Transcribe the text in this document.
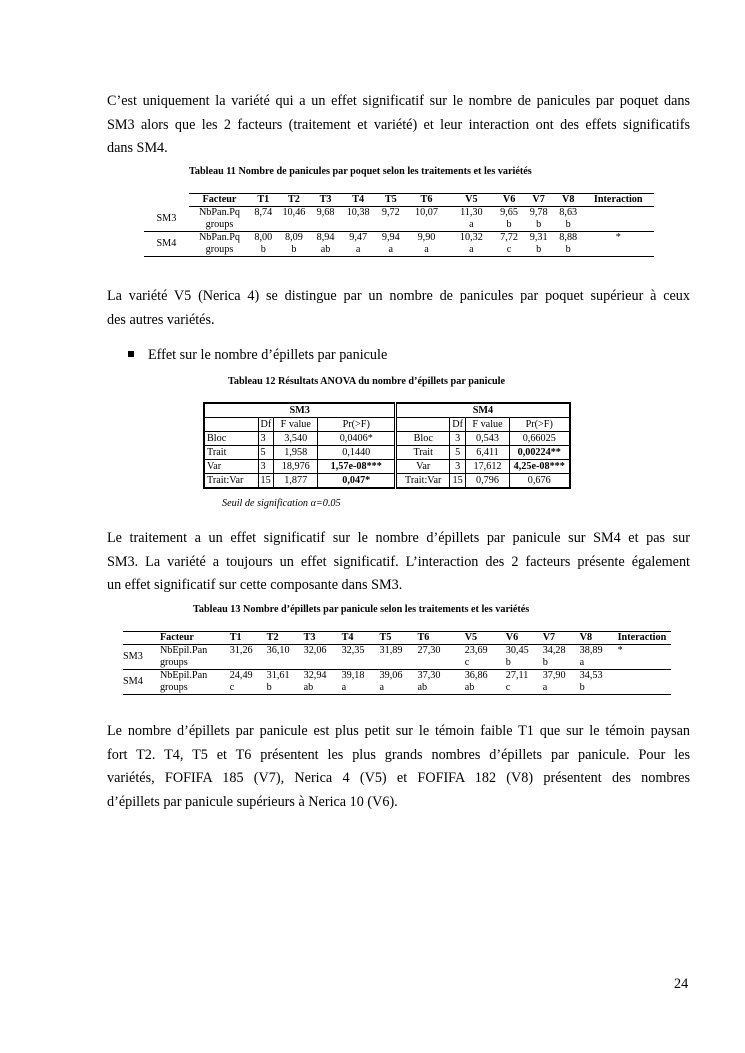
C’est uniquement la variété qui a un effet significatif sur le nombre de panicules par poquet dans
SM3 alors que les 2 facteurs (traitement et variété) et leur interaction ont des effets significatifs
dans SM4.

Tableau 11 Nombre de panicules par poquet selon les traitements et les variétés
	Facteur	T1	T2	T3	T4	T5	T6	V5	V6	V7	V8	Interaction
SM3	NbPan.Pq	8,74	10,46	9,68	10,38	9,72	10,07	11,30	9,65	9,78	8,63	
	groups							a	b	b	b	
SM4	NbPan.Pq	8,00	8,09	8,94	9,47	9,94	9,90	10,32	7,72	9,31	8,88	*
	groups	b	b	ab	a	a	a	a	c	b	b	

La variété V5 (Nerica 4) se distingue par un nombre de panicules par poquet supérieur à ceux
des autres variétés.

Effet sur le nombre d’épillets par panicule
Tableau 12 Résultats ANOVA du nombre d’épillets par panicule
SM3				SM4			
	Df	F value	Pr(>F)		Df	F value	Pr(>F)
Bloc	3	3,540	0,0406*	Bloc	3	0,543	0,66025
Trait	5	1,958	0,1440	Trait	5	6,411	0,00224**
Var	3	18,976	1,57e-08***	Var	3	17,612	4,25e-08***
Trait:Var	15	1,877	0,047*	Trait:Var	15	0,796	0,676
Seuil de signification α=0.05

Le traitement a un effet significatif sur le nombre d’épillets par panicule sur SM4 et pas sur
SM3. La variété a toujours un effet significatif. L’interaction des 2 facteurs présente également
un effet significatif sur cette composante dans SM3.

Tableau 13 Nombre d’épillets par panicule selon les traitements et les variétés
	Facteur	T1	T2	T3	T4	T5	T6	V5	V6	V7	V8	Interaction
SM3	NbEpil.Pan	31,26	36,10	32,06	32,35	31,89	27,30	23,69	30,45	34,28	38,89	*
	groups							c	b	b	a	
SM4	NbEpil.Pan	24,49	31,61	32,94	39,18	39,06	37,30	36,86	27,11	37,90	34,53	
	groups	c	b	ab	a	a	ab	ab	c	a	b	

Le nombre d’épillets par panicule est plus petit sur le témoin faible T1 que sur le témoin paysan
fort T2. T4, T5 et T6 présentent les plus grands nombres d’épillets par panicule. Pour les
variétés, FOFIFA 185 (V7), Nerica 4 (V5) et FOFIFA 182 (V8) présentent des nombres
d’épillets par panicule supérieurs à Nerica 10 (V6).

24
